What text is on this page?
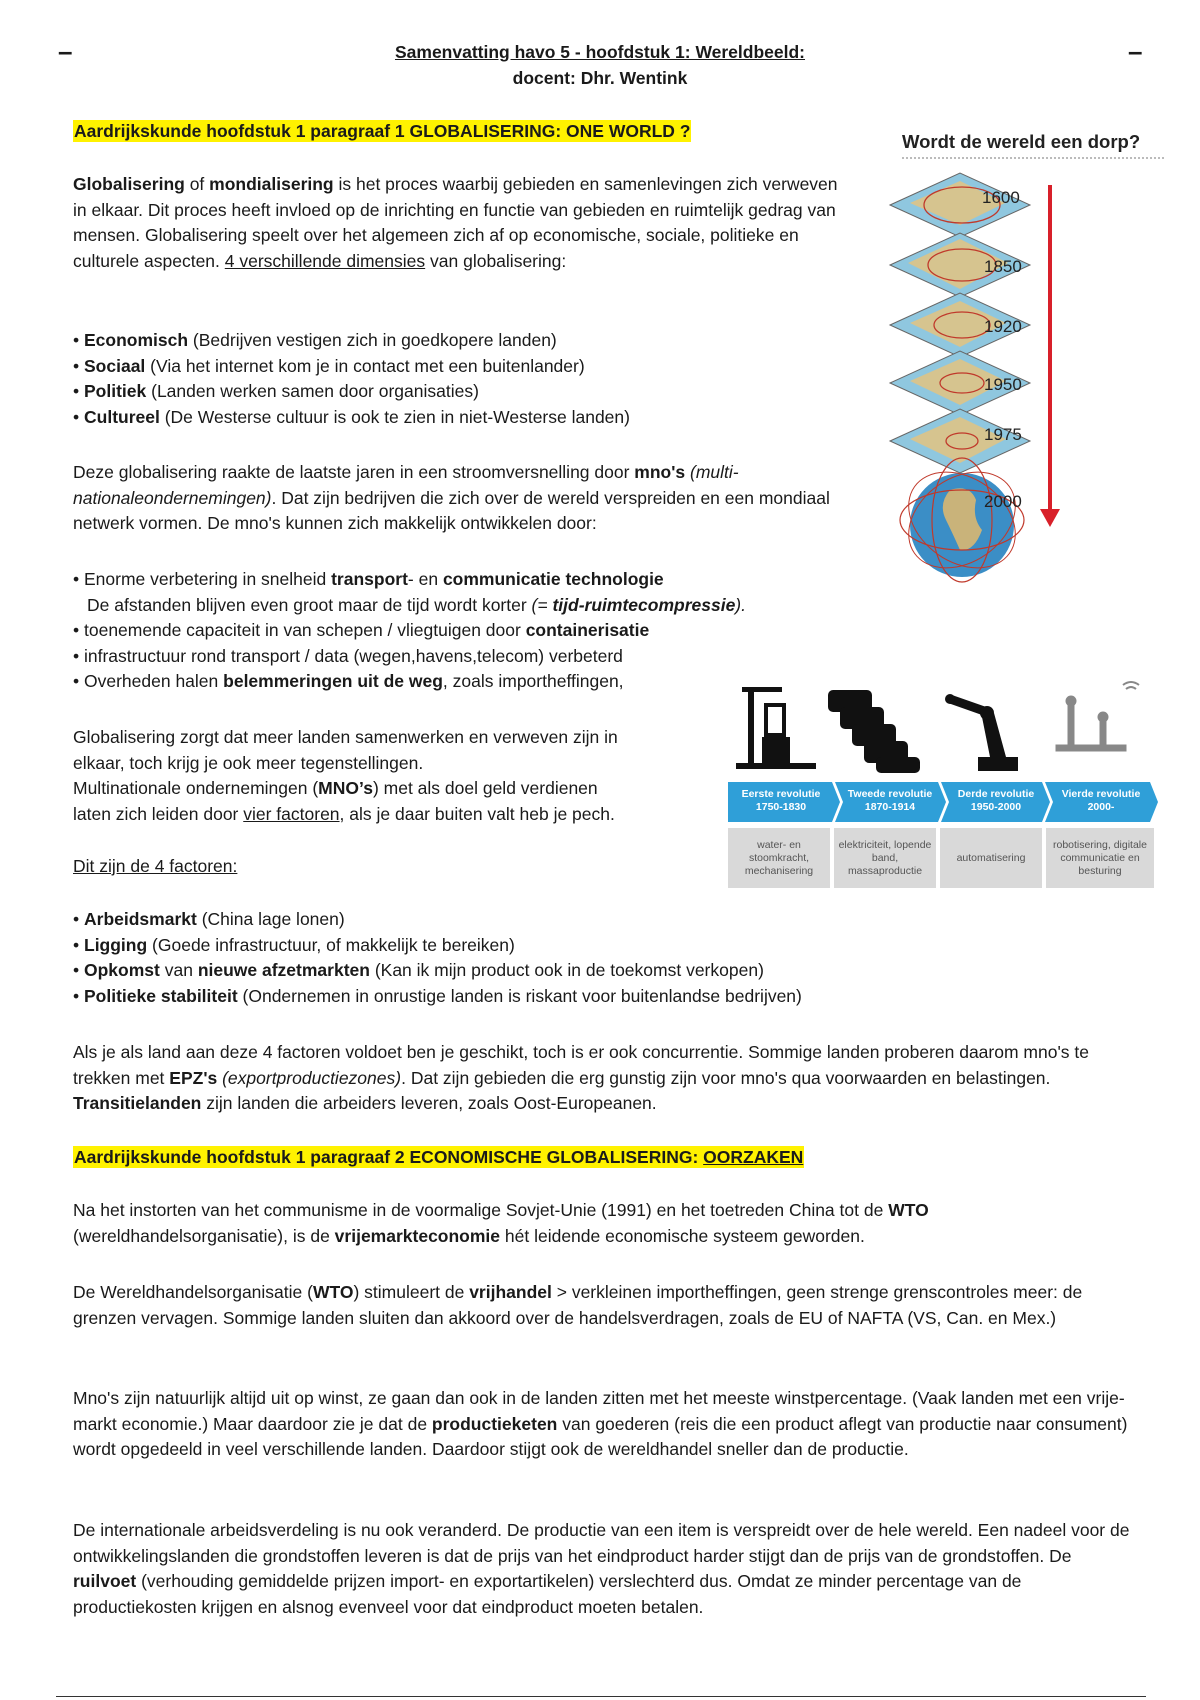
–	–
Samenvatting havo 5 - hoofdstuk 1: Wereldbeeld:
docent: Dhr. Wentink
Aardrijkskunde hoofdstuk 1 paragraaf 1 GLOBALISERING: ONE WORLD ?
Globalisering of mondialisering is het proces waarbij gebieden en samenlevingen zich verweven in elkaar. Dit proces heeft invloed op de inrichting en functie van gebieden en ruimtelijk gedrag van mensen. Globalisering speelt over het algemeen zich af op economische, sociale, politieke en culturele aspecten. 4 verschillende dimensies van globalisering:
• Economisch (Bedrijven vestigen zich in goedkopere landen)
• Sociaal (Via het internet kom je in contact met een buitenlander)
• Politiek (Landen werken samen door organisaties)
• Cultureel (De Westerse cultuur is ook te zien in niet-Westerse landen)
Deze globalisering raakte de laatste jaren in een stroomversnelling door mno's (multi-nationaleondernemingen). Dat zijn bedrijven die zich over de wereld verspreiden en een mondiaal netwerk vormen. De mno's kunnen zich makkelijk ontwikkelen door:
• Enorme verbetering in snelheid transport- en communicatie technologie
De afstanden blijven even groot maar de tijd wordt korter (= tijd-ruimtecompressie).
• toenemende capaciteit in van schepen / vliegtuigen door containerisatie
• infrastructuur rond transport / data (wegen,havens,telecom) verbeterd
• Overheden halen belemmeringen uit de weg, zoals importheffingen,
Globalisering zorgt dat meer landen samenwerken en verweven zijn in
elkaar, toch krijg je ook meer tegenstellingen.
Multinationale ondernemingen (MNO’s) met als doel geld verdienen
laten zich leiden door vier factoren, als je daar buiten valt heb je pech.
Dit zijn de 4 factoren:
• Arbeidsmarkt (China lage lonen)
• Ligging (Goede infrastructuur, of makkelijk te bereiken)
• Opkomst van nieuwe afzetmarkten (Kan ik mijn product ook in de toekomst verkopen)
• Politieke stabiliteit (Ondernemen in onrustige landen is riskant voor buitenlandse bedrijven)
Als je als land aan deze 4 factoren voldoet ben je geschikt, toch is er ook concurrentie. Sommige landen proberen daarom mno's te trekken met EPZ's (exportproductiezones). Dat zijn gebieden die erg gunstig zijn voor mno's qua voorwaarden en belastingen. Transitielanden zijn landen die arbeiders leveren, zoals Oost-Europeanen.
Aardrijkskunde hoofdstuk 1 paragraaf 2 ECONOMISCHE GLOBALISERING: OORZAKEN
Na het instorten van het communisme in de voormalige Sovjet-Unie (1991) en het toetreden China tot de WTO (wereldhandelsorganisatie), is de vrijemarkteconomie hét leidende economische systeem geworden.
De Wereldhandelsorganisatie (WTO) stimuleert de vrijhandel > verkleinen importheffingen, geen strenge grenscontroles meer: de grenzen vervagen. Sommige landen sluiten dan akkoord over de handelsverdragen, zoals de EU of NAFTA (VS, Can. en Mex.)
Mno's zijn natuurlijk altijd uit op winst, ze gaan dan ook in de landen zitten met het meeste winstpercentage. (Vaak landen met een vrije-markt economie.) Maar daardoor zie je dat de productieketen van goederen (reis die een product aflegt van productie naar consument) wordt opgedeeld in veel verschillende landen. Daardoor stijgt ook de wereldhandel sneller dan de productie.
De internationale arbeidsverdeling is nu ook veranderd. De productie van een item is verspreidt over de hele wereld. Een nadeel voor de ontwikkelingslanden die grondstoffen leveren is dat de prijs van het eindproduct harder stijgt dan de prijs van de grondstoffen. De ruilvoet (verhouding gemiddelde prijzen import- en exportartikelen) verslechterd dus. Omdat ze minder percentage van de productiekosten krijgen en alsnog evenveel voor dat eindproduct moeten betalen.
Wordt de wereld een dorp?
1600
1850
1920
1950
1975
2000
Eerste revolutie
1750-1830
Tweede revolutie
1870-1914
Derde revolutie
1950-2000
Vierde revolutie
2000-
water- en stoomkracht, mechanisering
elektriciteit, lopende band, massaproductie
automatisering
robotisering, digitale communicatie en besturing
